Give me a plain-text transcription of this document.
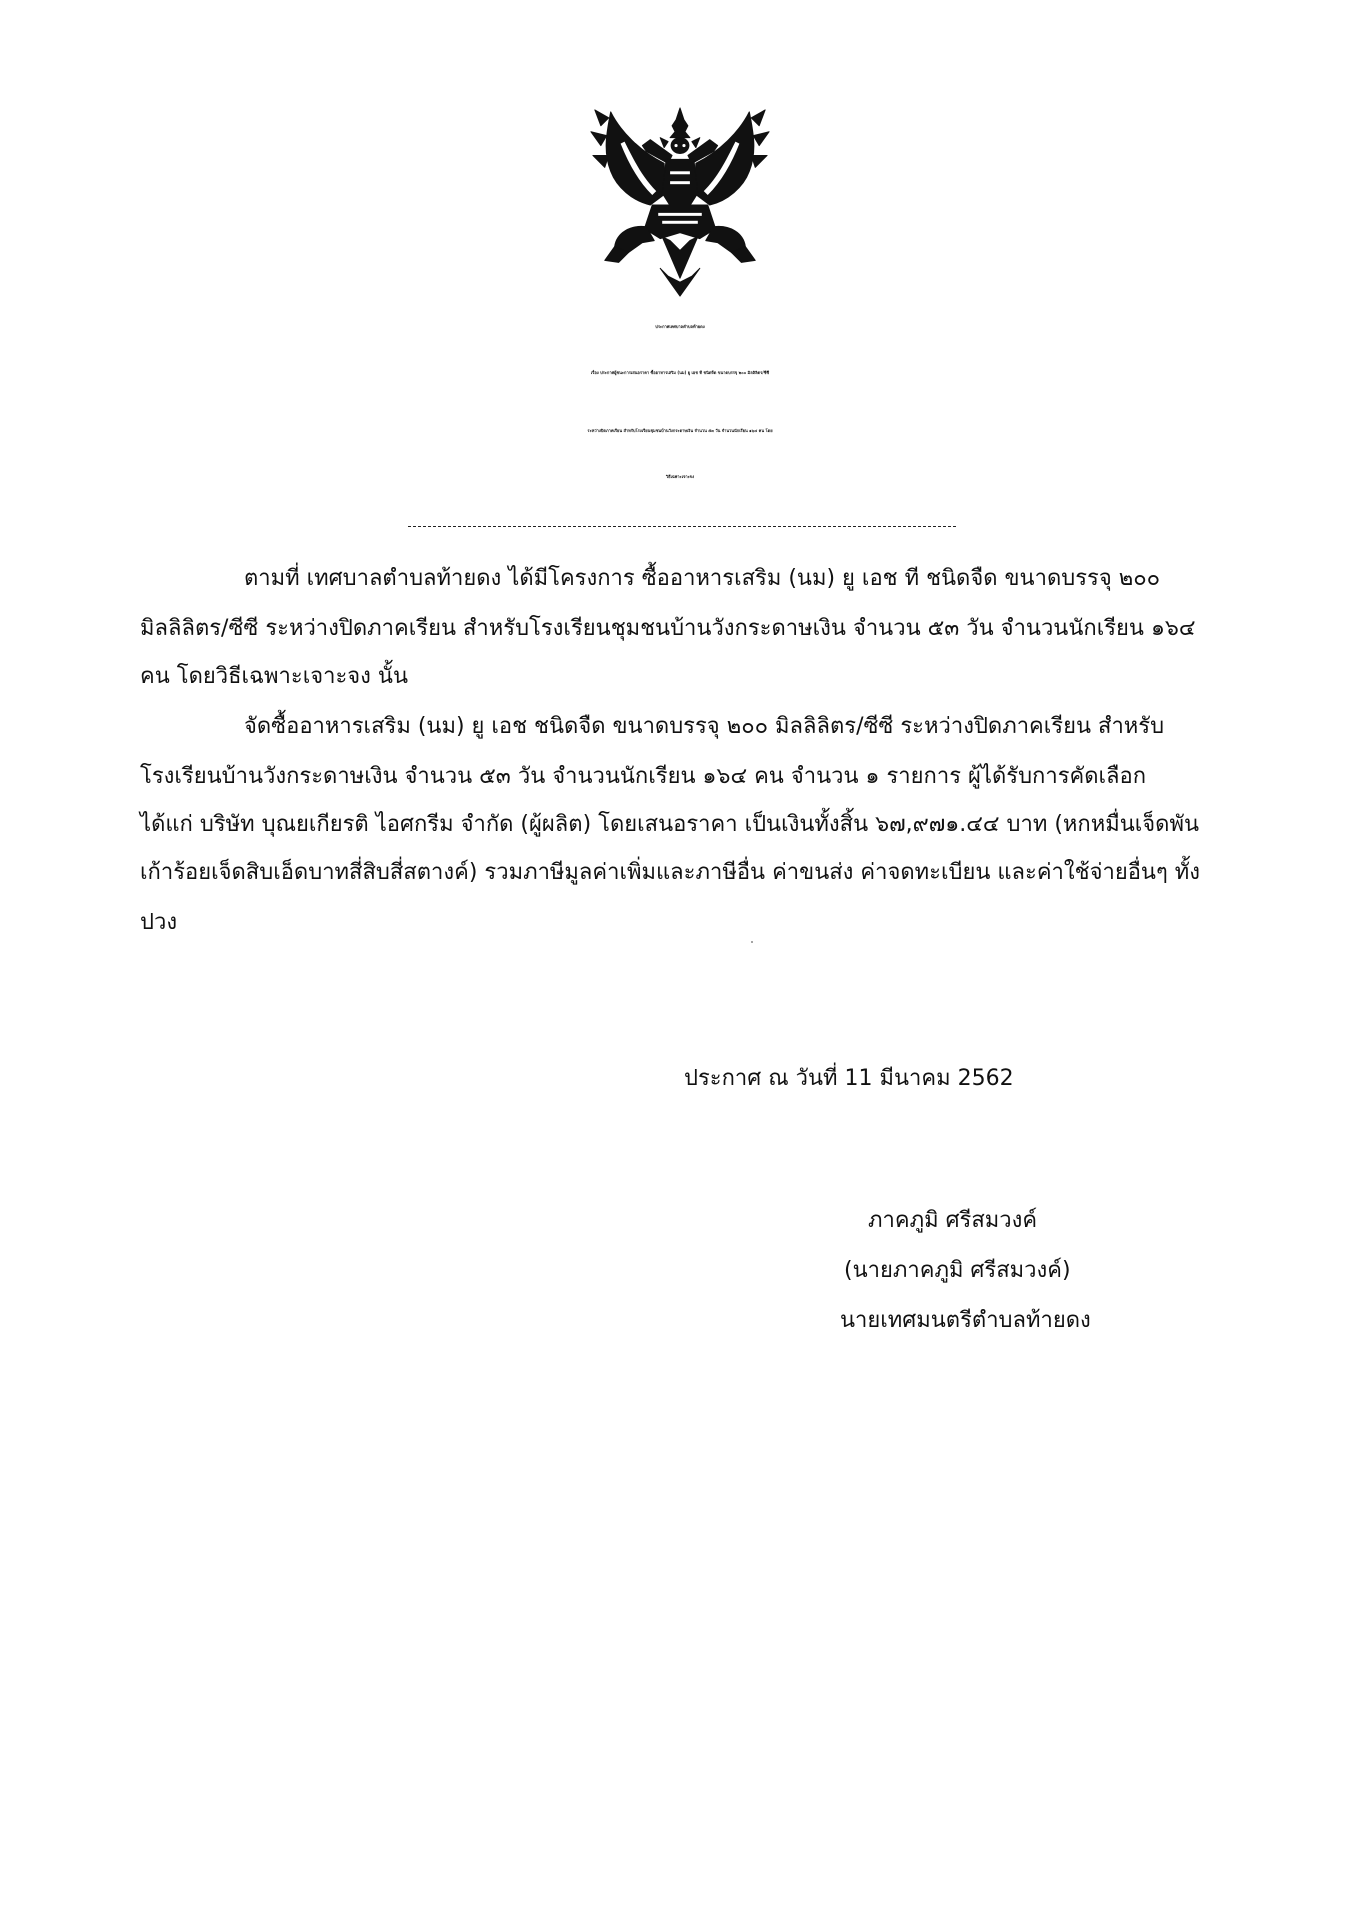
ประกาศเทศบาลตำบลท้ายดง
เรื่อง ประกาศผู้ชนะการเสนอราคา ซื้ออาหารเสริม (นม) ยู เอช ที ชนิดจืด ขนาดบรรจุ ๒๐๐ มิลลิลิตร/ซีซี
ระหว่างปิดภาคเรียน สำหรับโรงเรียนชุมชนบ้านวังกระดาษเงิน จำนวน ๕๓ วัน จำนวนนักเรียน ๑๖๔ คน โดย
วิธีเฉพาะเจาะจง
ตามที่ เทศบาลตำบลท้ายดง ได้มีโครงการ ซื้ออาหารเสริม (นม) ยู เอช ที ชนิดจืด ขนาดบรรจุ ๒๐๐
มิลลิลิตร/ซีซี ระหว่างปิดภาคเรียน สำหรับโรงเรียนชุมชนบ้านวังกระดาษเงิน จำนวน ๕๓ วัน จำนวนนักเรียน ๑๖๔
คน โดยวิธีเฉพาะเจาะจง นั้น
จัดซื้ออาหารเสริม (นม) ยู เอช ชนิดจืด ขนาดบรรจุ ๒๐๐ มิลลิลิตร/ซีซี ระหว่างปิดภาคเรียน สำหรับ
โรงเรียนบ้านวังกระดาษเงิน จำนวน ๕๓ วัน จำนวนนักเรียน ๑๖๔ คน จำนวน ๑ รายการ ผู้ได้รับการคัดเลือก
ได้แก่ บริษัท บุณยเกียรติ ไอศกรีม จำกัด (ผู้ผลิต) โดยเสนอราคา เป็นเงินทั้งสิ้น ๖๗,๙๗๑.๔๔ บาท (หกหมื่นเจ็ดพัน
เก้าร้อยเจ็ดสิบเอ็ดบาทสี่สิบสี่สตางค์) รวมภาษีมูลค่าเพิ่มและภาษีอื่น ค่าขนส่ง ค่าจดทะเบียน และค่าใช้จ่ายอื่นๆ ทั้ง
ปวง
ประกาศ ณ วันที่ 11 มีนาคม 2562
ภาคภูมิ ศรีสมวงค์
(นายภาคภูมิ ศรีสมวงค์)
นายเทศมนตรีตำบลท้ายดง
